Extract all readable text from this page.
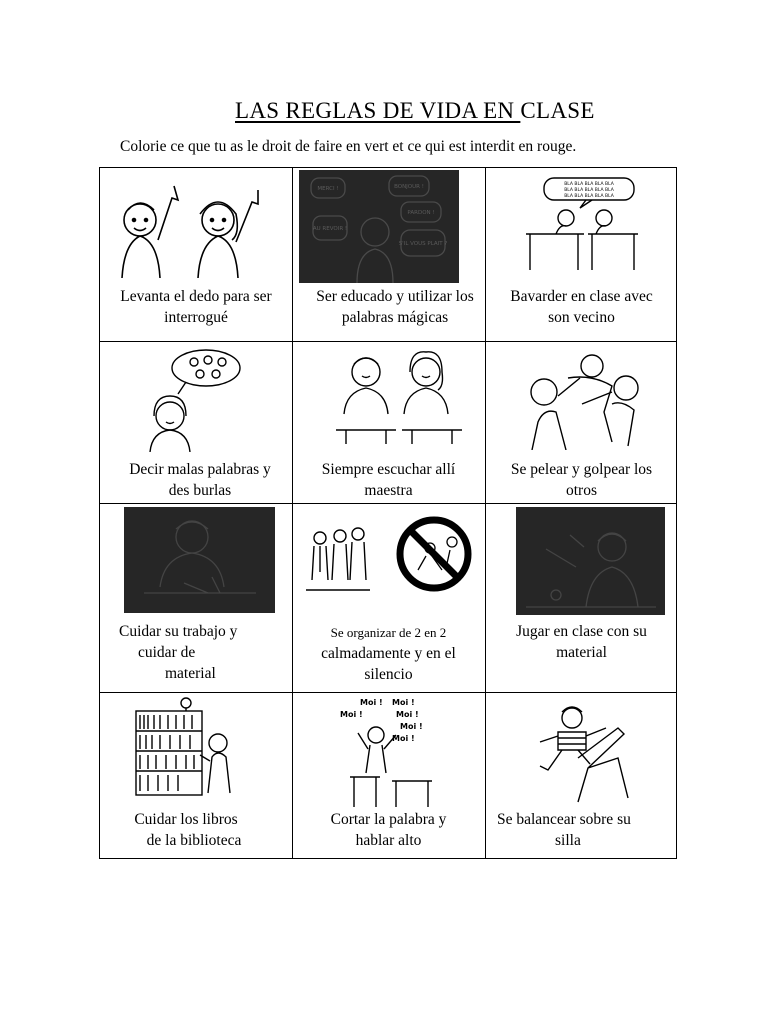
LAS REGLAS DE VIDA EN CLASE
Colorie ce que tu as le droit de faire en vert et ce qui est interdit en rouge.
Levanta el dedo para ser
interrogué
MERCI !	BONJOUR !
AU REVOIR !
PARDON !
S'IL VOUS PLAIT ?
Ser educado y utilizar los
palabras mágicas
BLA BLA BLA BLA BLA
BLA BLA BLA BLA BLA
BLA BLA BLA BLA BLA
Bavarder en clase avec
son vecino
Decir malas palabras y
des burlas
Siempre escuchar allí
maestra
Se pelear y golpear los
otros
Cuidar su trabajo y
cuidar de
material
Se organizar de 2 en 2
calmadamente y en el
silencio
Jugar en clase con su
material
Cuidar los libros
de la biblioteca
Moi !
Moi !
Moi !
Moi !
Moi !
Moi !
Cortar la palabra y
hablar alto
Se balancear sobre su
silla
